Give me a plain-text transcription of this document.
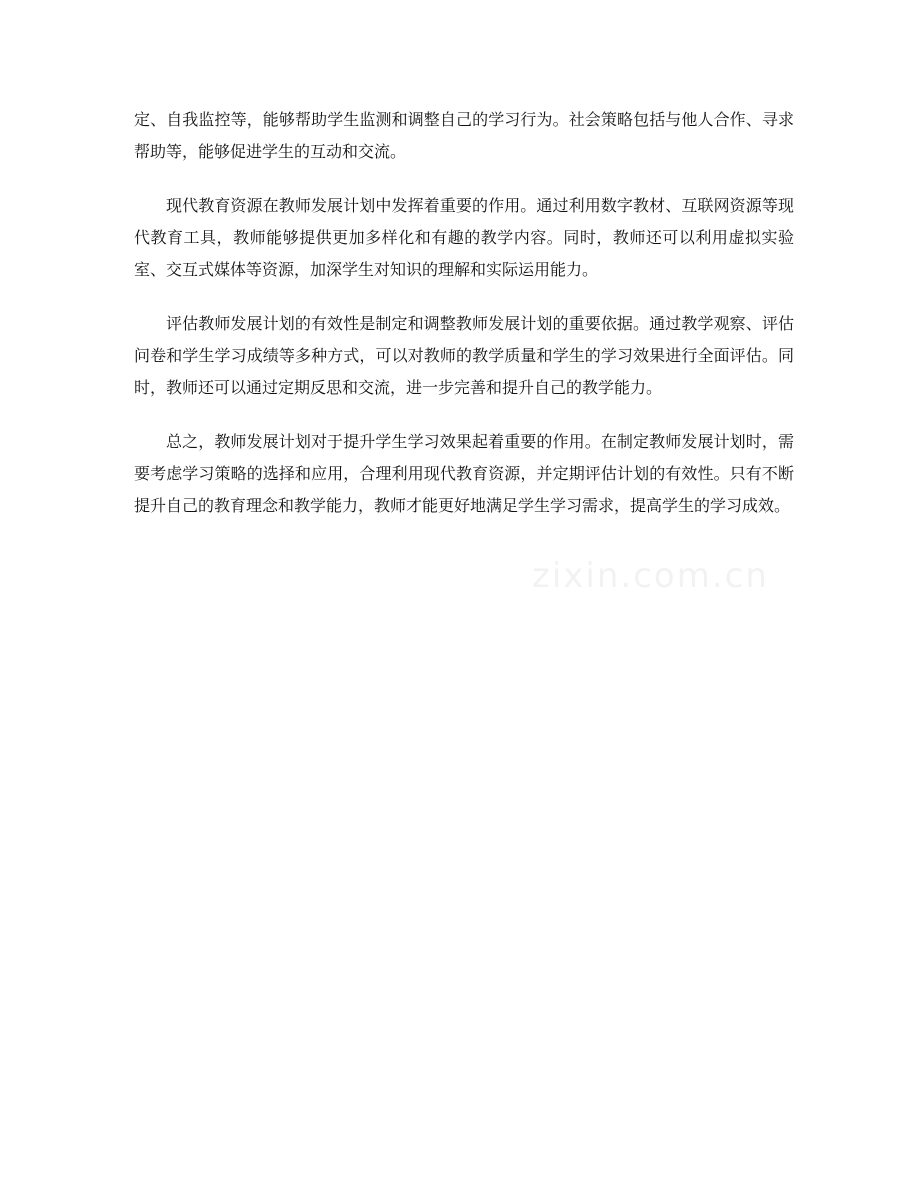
定、自我监控等，能够帮助学生监测和调整自己的学习行为。社会策略包括与他人合作、寻求帮助等，能够促进学生的互动和交流。

现代教育资源在教师发展计划中发挥着重要的作用。通过利用数字教材、互联网资源等现代教育工具，教师能够提供更加多样化和有趣的教学内容。同时，教师还可以利用虚拟实验室、交互式媒体等资源，加深学生对知识的理解和实际运用能力。

评估教师发展计划的有效性是制定和调整教师发展计划的重要依据。通过教学观察、评估问卷和学生学习成绩等多种方式，可以对教师的教学质量和学生的学习效果进行全面评估。同时，教师还可以通过定期反思和交流，进一步完善和提升自己的教学能力。

总之，教师发展计划对于提升学生学习效果起着重要的作用。在制定教师发展计划时，需要考虑学习策略的选择和应用，合理利用现代教育资源，并定期评估计划的有效性。只有不断提升自己的教育理念和教学能力，教师才能更好地满足学生学习需求，提高学生的学习成效。

zixin.com.cn
